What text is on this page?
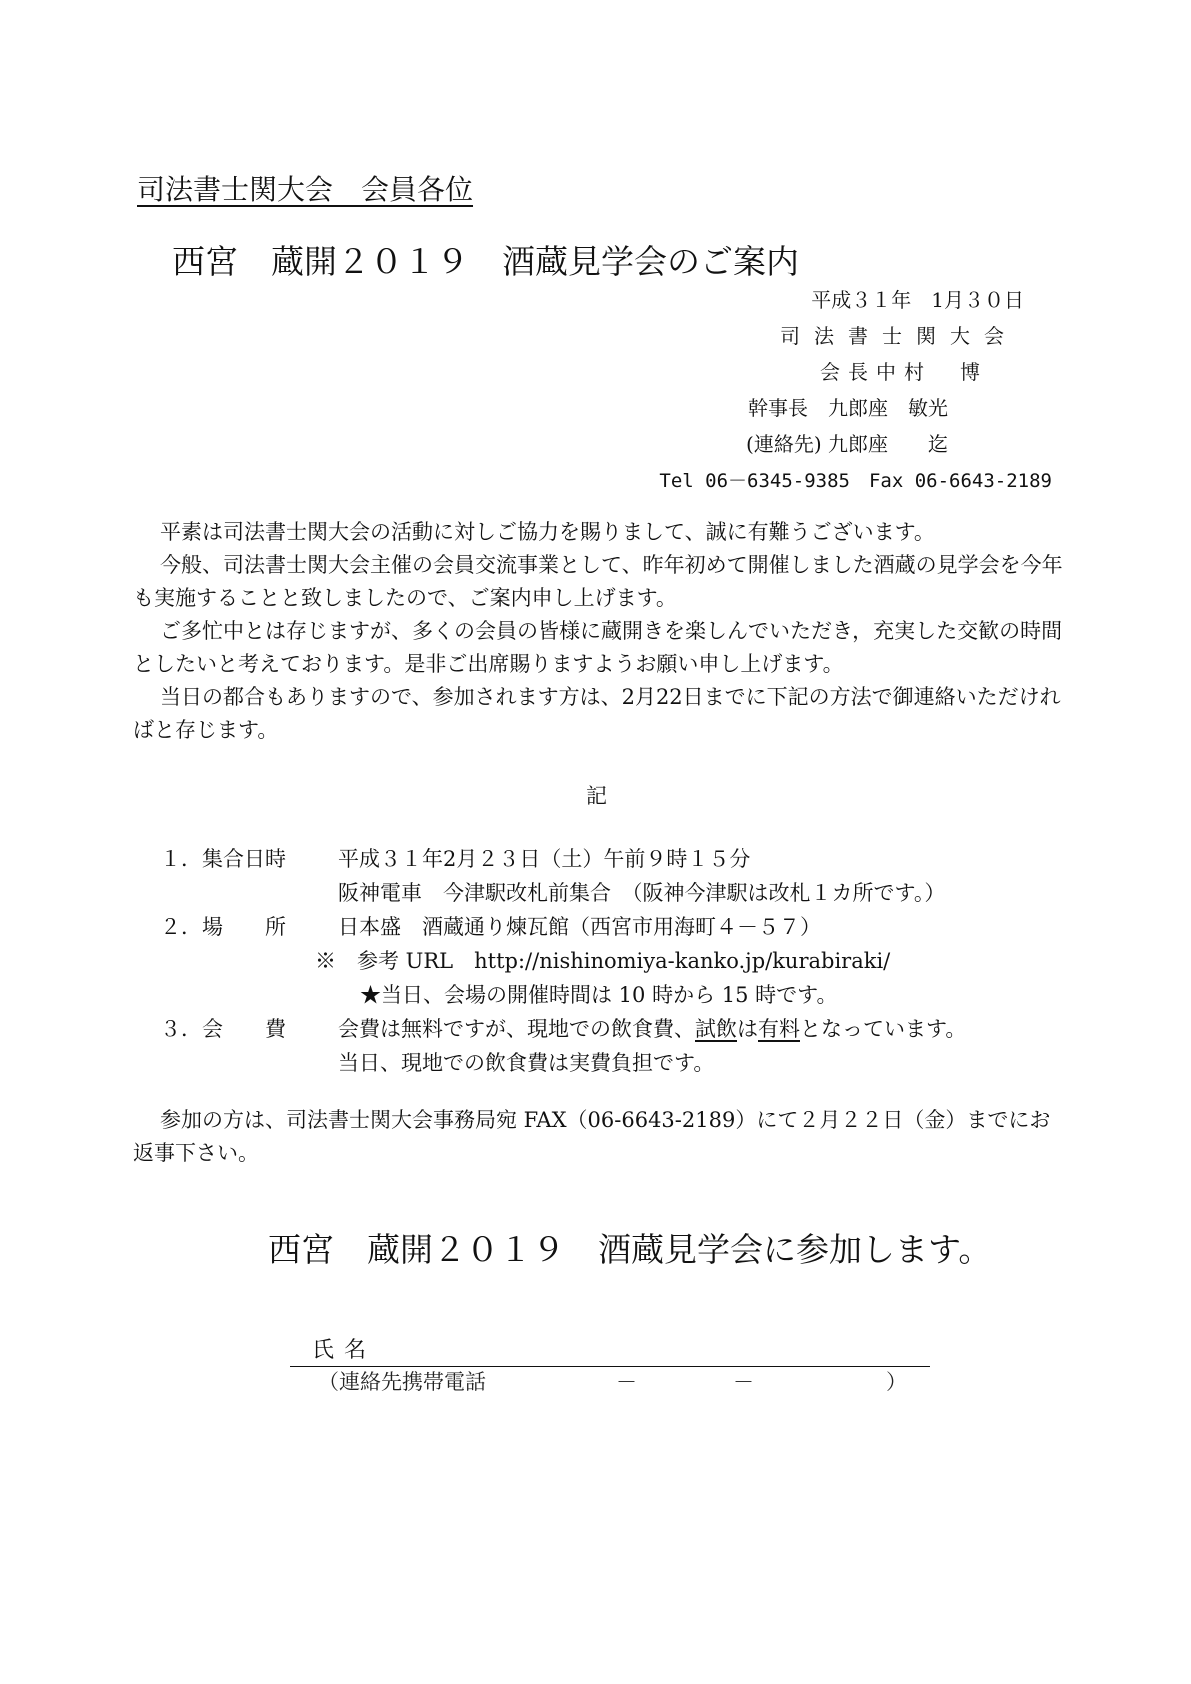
司法書士関大会　会員各位
西宮　蔵開２０１９　酒蔵見学会のご案内
平成３１年　1月３０日
司法書士関大会
会長中村　博
幹事長　九郎座　敏光
(連絡先) 九郎座　　迄
Tel 06－6345-9385　Fax 06-6643-2189

平素は司法書士関大会の活動に対しご協力を賜りまして、誠に有難うございます。

今般、司法書士関大会主催の会員交流事業として、昨年初めて開催しました酒蔵の見学会を今年も実施することと致しましたので、ご案内申し上げます。

ご多忙中とは存じますが、多くの会員の皆様に蔵開きを楽しんでいただき，充実した交歓の時間としたいと考えております。是非ご出席賜りますようお願い申し上げます。

当日の都合もありますので、参加されます方は、2月22日までに下記の方法で御連絡いただければと存じます。

記
１．集合日時 平成３１年2月２３日（土）午前９時１５分
阪神電車　今津駅改札前集合　（阪神今津駅は改札１カ所です。）
２．場　　所 日本盛　酒蔵通り煉瓦館（西宮市用海町４－５７）
※　参考 URL　http://nishinomiya-kanko.jp/kurabiraki/
★当日、会場の開催時間は 10 時から 15 時です。
３．会　　費 会費は無料ですが、現地での飲食費、試飲は有料となっています。
当日、現地での飲食費は実費負担です。

参加の方は、司法書士関大会事務局宛 FAX（06-6643-2189）にて２月２２日（金）までにお返事下さい。

西宮　蔵開２０１９　酒蔵見学会に参加します。
氏名
（連絡先携帯電話	－	－	）
